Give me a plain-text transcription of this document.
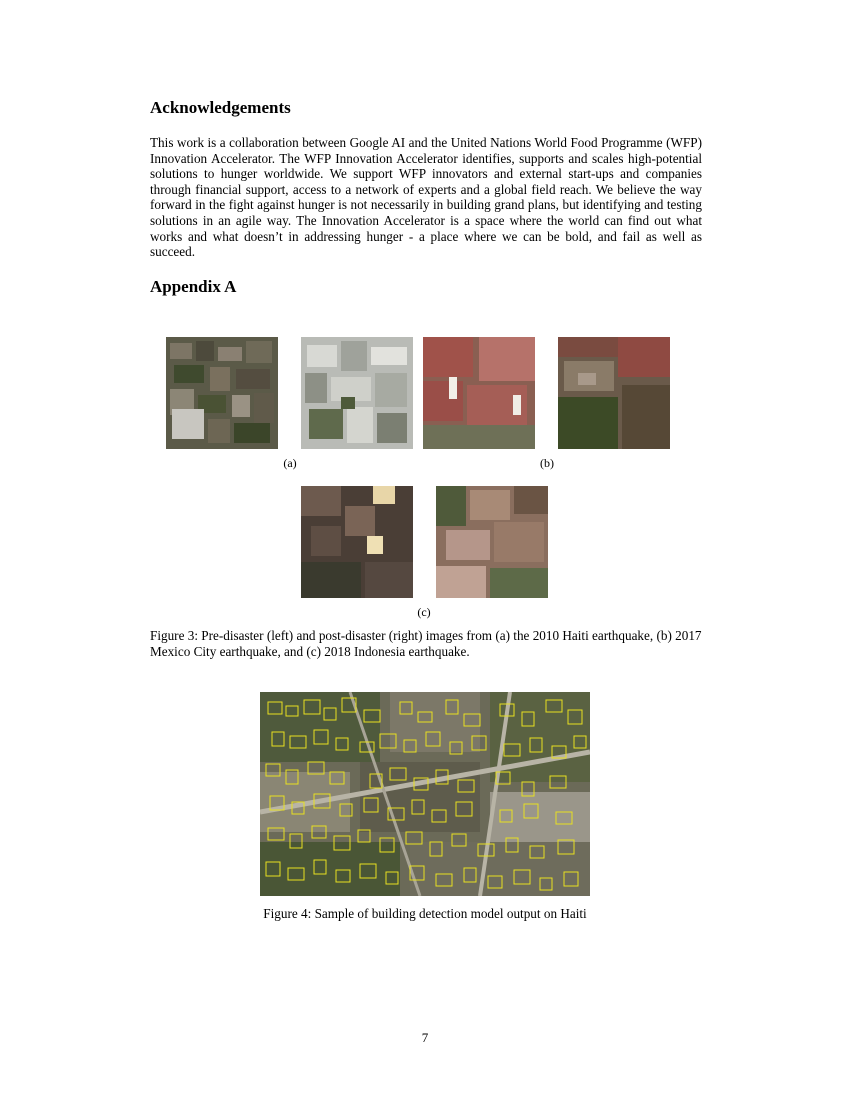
Acknowledgements

This work is a collaboration between Google AI and the United Nations World Food Programme (WFP) Innovation Accelerator. The WFP Innovation Accelerator identifies, supports and scales high-potential solutions to hunger worldwide. We support WFP innovators and external start-ups and companies through financial support, access to a network of experts and a global field reach. We believe the way forward in the fight against hunger is not necessarily in building grand plans, but identifying and testing solutions in an agile way. The Innovation Accelerator is a space where the world can find out what works and what doesn’t in addressing hunger - a place where we can be bold, and fail as well as succeed.

Appendix A
(a)	(b)
(c)

Figure 3: Pre-disaster (left) and post-disaster (right) images from (a) the 2010 Haiti earthquake, (b) 2017 Mexico City earthquake, and (c) 2018 Indonesia earthquake.

Figure 4: Sample of building detection model output on Haiti

7
